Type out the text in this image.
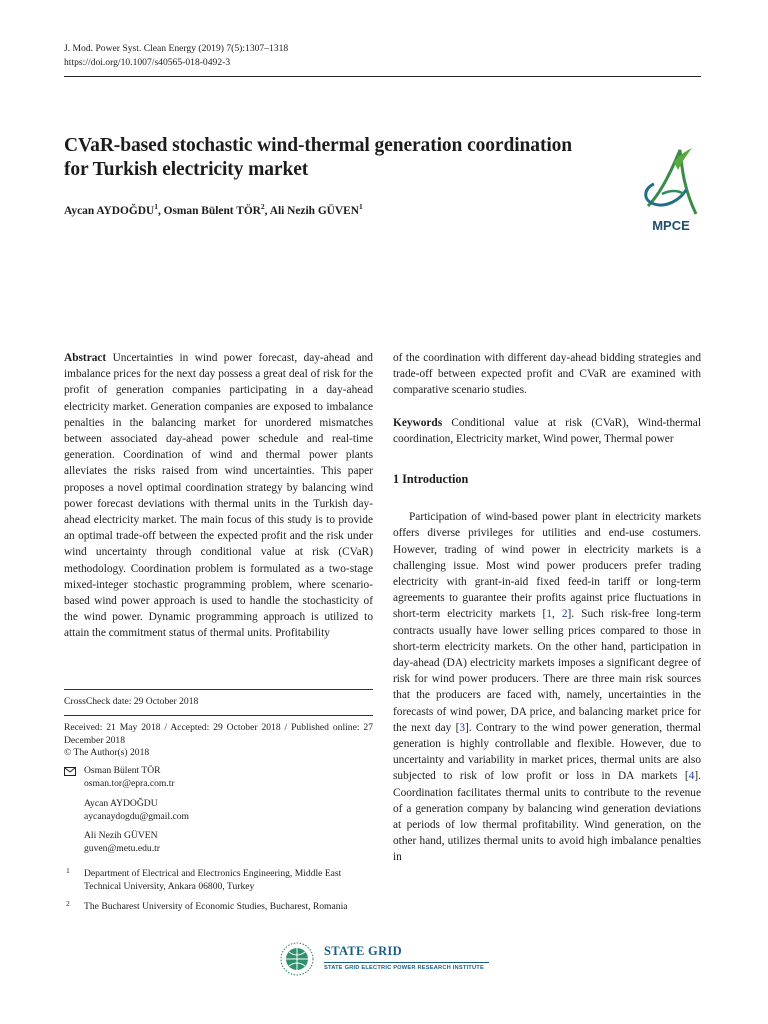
J. Mod. Power Syst. Clean Energy (2019) 7(5):1307–1318
https://doi.org/10.1007/s40565-018-0492-3
CVaR-based stochastic wind-thermal generation coordination
for Turkish electricity market
Aycan AYDOĞDU$^1$, Osman Bülent TÖR$^2$, Ali Nezih GÜVEN$^1$
MPCE

Abstract Uncertainties in wind power forecast, day-ahead and imbalance prices for the next day possess a great deal of risk for the profit of generation companies participating in a day-ahead electricity market. Generation companies are exposed to imbalance penalties in the balancing market for unordered mismatches between associated day-ahead power schedule and real-time generation. Coordination of wind and thermal power plants alleviates the risks raised from wind uncertainties. This paper proposes a novel optimal coordination strategy by balancing wind power forecast deviations with thermal units in the Turkish day-ahead electricity market. The main focus of this study is to provide an optimal trade-off between the expected profit and the risk under wind uncertainty through conditional value at risk (CVaR) methodology. Coordination problem is formulated as a two-stage mixed-integer stochastic programming problem, where scenario-based wind power approach is used to handle the stochasticity of the wind power. Dynamic programming approach is utilized to attain the commitment status of thermal units. Profitability

of the coordination with different day-ahead bidding strategies and trade-off between expected profit and CVaR are examined with comparative scenario studies.

Keywords Conditional value at risk (CVaR), Wind-thermal coordination, Electricity market, Wind power, Thermal power

1 Introduction

Participation of wind-based power plant in electricity markets offers diverse privileges for utilities and end-use costumers. However, trading of wind power in electricity markets is a challenging issue. Most wind power producers prefer trading electricity with grant-in-aid fixed feed-in tariff or long-term agreements to guarantee their profits against price fluctuations in short-term electricity markets [1, 2]. Such risk-free long-term contracts usually have lower selling prices compared to those in short-term electricity markets. On the other hand, participation in day-ahead (DA) electricity markets imposes a significant degree of risk for wind power producers. There are three main risk sources that the producers are faced with, namely, uncertainties in the forecasts of wind power, DA price, and balancing market price for the next day [3]. Contrary to the wind power generation, thermal generation is highly controllable and flexible. However, due to uncertainty and variability in market prices, thermal units are also subjected to risk of low profit or loss in DA markets [4]. Coordination facilitates thermal units to contribute to the revenue of a generation company by balancing wind generation deviations at periods of low thermal profitability. Wind generation, on the other hand, utilizes thermal units to avoid high imbalance penalties in

CrossCheck date: 29 October 2018
Received: 21 May 2018 / Accepted: 29 October 2018 / Published online: 27 December 2018
© The Author(s) 2018
Osman Bülent TÖR
osman.tor@epra.com.tr
Aycan AYDOĞDU
aycanaydogdu@gmail.com
Ali Nezih GÜVEN
guven@metu.edu.tr
1 Department of Electrical and Electronics Engineering, Middle East Technical University, Ankara 06800, Turkey
2 The Bucharest University of Economic Studies, Bucharest, Romania
STATE GRID
STATE GRID ELECTRIC POWER RESEARCH INSTITUTE
